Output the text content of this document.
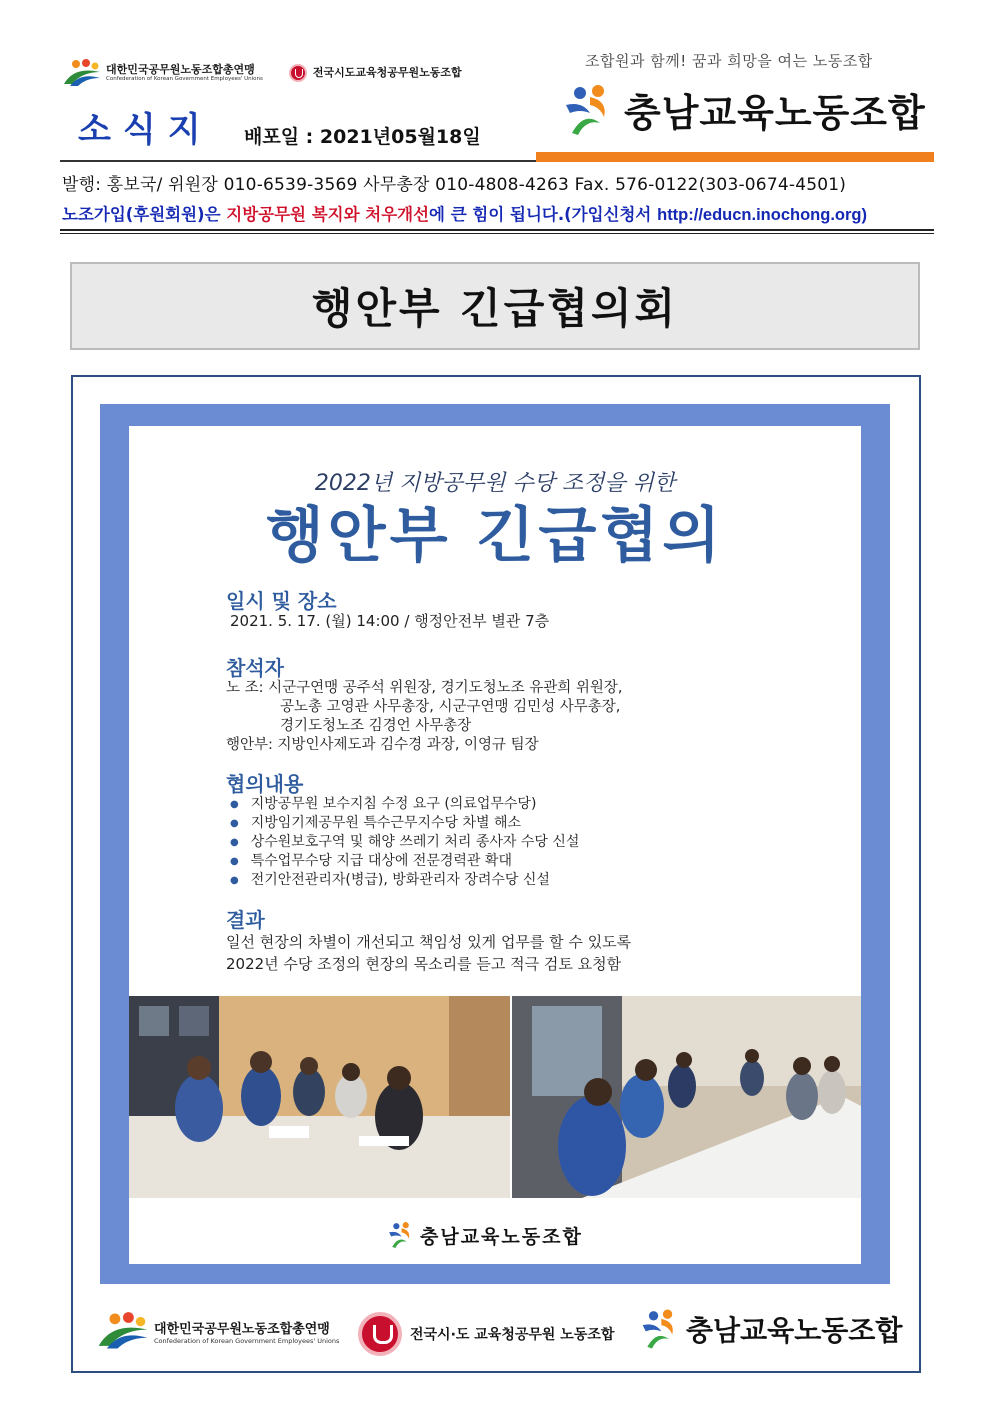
대한민국공무원노동조합총연맹
Confederation of Korean Government Employees' Unions	전국시도교육청공무원노동조합
조합원과 함께! 꿈과 희망을 여는 노동조합
소식지 배포일 : 2021년05월18일
충남교육노동조합
발행: 홍보국/ 위원장 010-6539-3569 사무총장 010-4808-4263 Fax. 576-0122(303-0674-4501)
노조가입(후원회원)은 지방공무원 복지와 처우개선에 큰 힘이 됩니다.(가입신청서 http://educn.inochong.org)
행안부 긴급협의회
2022년 지방공무원 수당 조정을 위한
행안부 긴급협의
일시 및 장소
2021. 5. 17. (월) 14:00 / 행정안전부 별관 7층
참석자
노 조: 시군구연맹 공주석 위원장, 경기도청노조 유관희 위원장,
공노총 고영관 사무총장, 시군구연맹 김민성 사무총장,
경기도청노조 김경언 사무총장
행안부: 지방인사제도과 김수경 과장, 이영규 팀장
협의내용
● 지방공무원 보수지침 수정 요구 (의료업무수당)
● 지방임기제공무원 특수근무지수당 차별 해소
● 상수원보호구역 및 해양 쓰레기 처리 종사자 수당 신설
● 특수업무수당 지급 대상에 전문경력관 확대
● 전기안전관리자(병급), 방화관리자 장려수당 신설
결과
일선 현장의 차별이 개선되고 책임성 있게 업무를 할 수 있도록
2022년 수당 조정의 현장의 목소리를 듣고 적극 검토 요청함
충남교육노동조합
대한민국공무원노동조합총연맹
Confederation of Korean Government Employees' Unions	전국시·도 교육청공무원 노동조합	충남교육노동조합
